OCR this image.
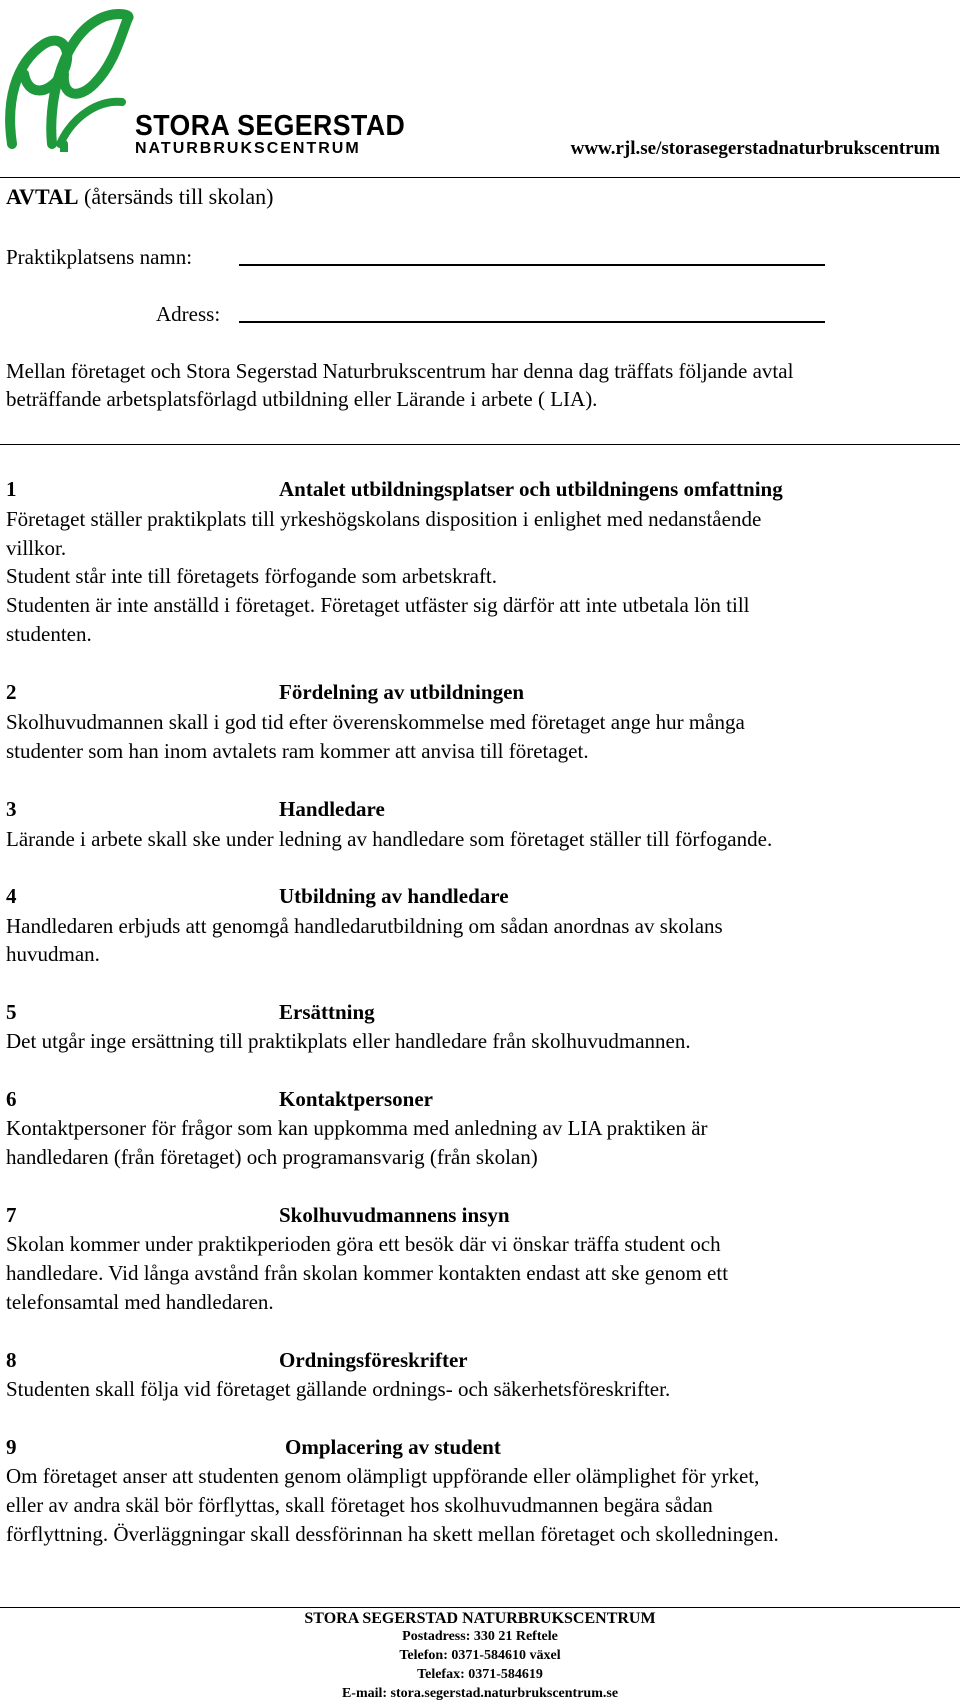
STORA SEGERSTAD
NATURBRUKSCENTRUM	www.rjl.se/storasegerstadnaturbrukscentrum
AVTAL (återsänds till skolan)
Praktikplatsens namn:
Adress:
Mellan företaget och Stora Segerstad Naturbrukscentrum har denna dag träffats följande avtal
beträffande arbetsplatsförlagd utbildning eller Lärande i arbete ( LIA).
1	Antalet utbildningsplatser och utbildningens omfattning
Företaget ställer praktikplats till yrkeshögskolans disposition i enlighet med nedanstående
villkor.
Student står inte till företagets förfogande som arbetskraft.
Studenten är inte anställd i företaget. Företaget utfäster sig därför att inte utbetala lön till
studenten.
2	Fördelning av utbildningen
Skolhuvudmannen skall i god tid efter överenskommelse med företaget ange hur många
studenter som han inom avtalets ram kommer att anvisa till företaget.
3	Handledare
Lärande i arbete skall ske under ledning av handledare som företaget ställer till förfogande.
4	Utbildning av handledare
Handledaren erbjuds att genomgå handledarutbildning om sådan anordnas av skolans
huvudman.
5	Ersättning
Det utgår inge ersättning till praktikplats eller handledare från skolhuvudmannen.
6	Kontaktpersoner
Kontaktpersoner för frågor som kan uppkomma med anledning av LIA praktiken är
handledaren (från företaget) och programansvarig (från skolan)
7	Skolhuvudmannens insyn
Skolan kommer under praktikperioden göra ett besök där vi önskar träffa student och
handledare. Vid långa avstånd från skolan kommer kontakten endast att ske genom ett
telefonsamtal med handledaren.
8	Ordningsföreskrifter
Studenten skall följa vid företaget gällande ordnings- och säkerhetsföreskrifter.
9	Omplacering av student
Om företaget anser att studenten genom olämpligt uppförande eller olämplighet för yrket,
eller av andra skäl bör förflyttas, skall företaget hos skolhuvudmannen begära sådan
förflyttning. Överläggningar skall dessförinnan ha skett mellan företaget och skolledningen.
STORA SEGERSTAD NATURBRUKSCENTRUM
Postadress: 330 21 Reftele
Telefon: 0371-584610 växel
Telefax: 0371-584619
E-mail: stora.segerstad.naturbrukscentrum.se
